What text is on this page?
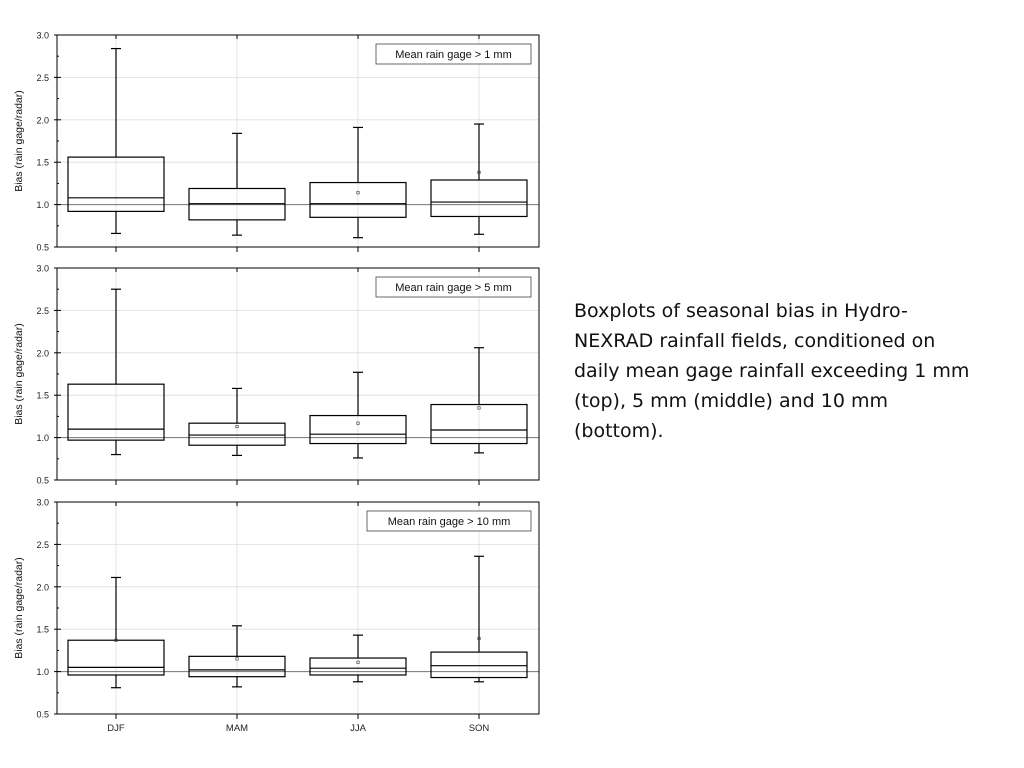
0.5
1.0
1.5
2.0
2.5
3.0
Bias (rain gage/radar)
Mean rain gage > 1 mm
0.5
1.0
1.5
2.0
2.5
3.0
Bias (rain gage/radar)
Mean rain gage > 5 mm
0.5
1.0
1.5
2.0
2.5
3.0
Bias (rain gage/radar)
Mean rain gage > 10 mm
DJF	MAM	JJA	SON
Boxplots of seasonal bias in Hydro-NEXRAD rainfall fields, conditioned on daily mean gage rainfall exceeding 1 mm (top), 5 mm (middle) and 10 mm (bottom).
